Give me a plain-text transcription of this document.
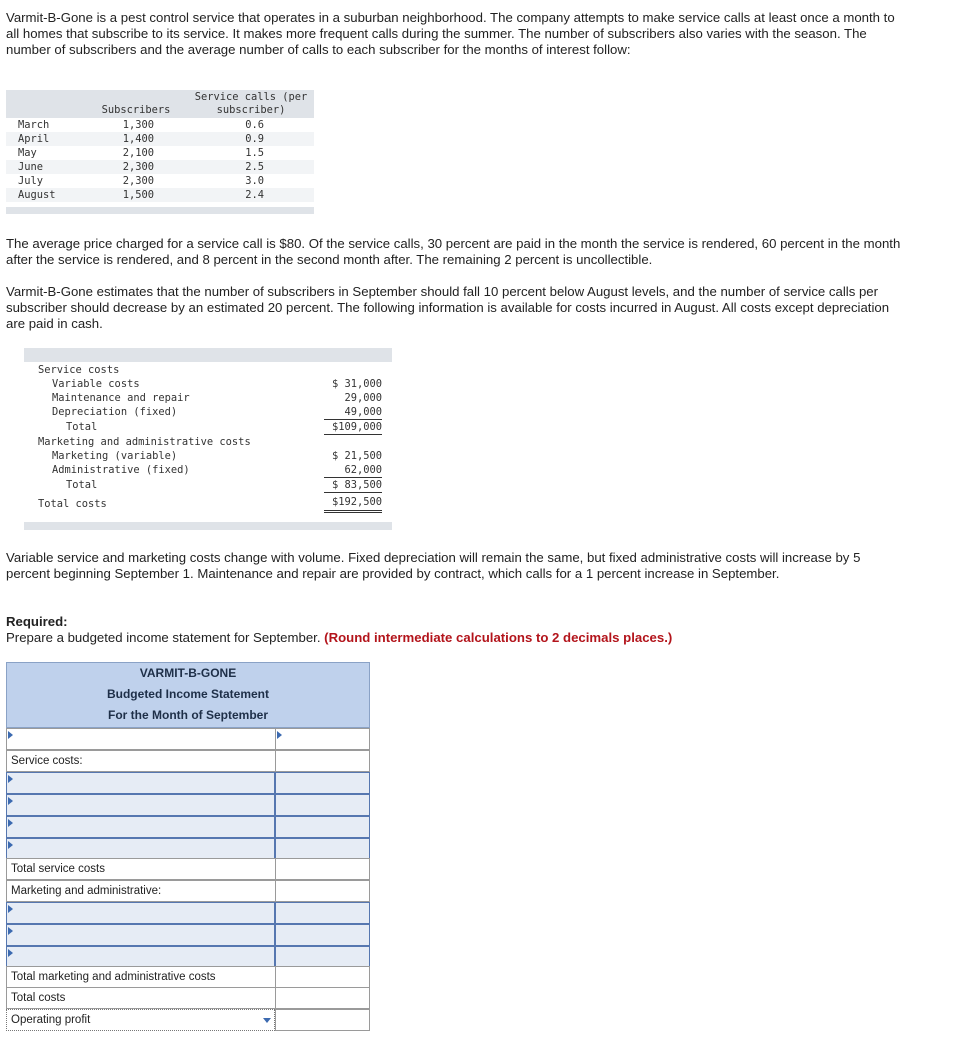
Varmit-B-Gone is a pest control service that operates in a suburban neighborhood. The company attempts to make service calls at least once a month to all homes that subscribe to its service. It makes more frequent calls during the summer. The number of subscribers also varies with the season. The number of subscribers and the average number of calls to each subscriber for the months of interest follow:
Subscribers
Service calls (per
subscriber)
March	1,300	0.6
April	1,400	0.9
May	2,100	1.5
June	2,300	2.5
July	2,300	3.0
August	1,500	2.4
The average price charged for a service call is $80. Of the service calls, 30 percent are paid in the month the service is rendered, 60 percent in the month after the service is rendered, and 8 percent in the second month after. The remaining 2 percent is uncollectible.
Varmit-B-Gone estimates that the number of subscribers in September should fall 10 percent below August levels, and the number of service calls per subscriber should decrease by an estimated 20 percent. The following information is available for costs incurred in August. All costs except depreciation are paid in cash.
Service costs
Variable costs	$ 31,000
Maintenance and repair	29,000
Depreciation (fixed)	49,000
Total	$109,000
Marketing and administrative costs
Marketing (variable)	$ 21,500
Administrative (fixed)	62,000
Total	$ 83,500
Total costs	$192,500
Variable service and marketing costs change with volume. Fixed depreciation will remain the same, but fixed administrative costs will increase by 5 percent beginning September 1. Maintenance and repair are provided by contract, which calls for a 1 percent increase in September.
Required:
Prepare a budgeted income statement for September. (Round intermediate calculations to 2 decimals places.)
VARMIT-B-GONE
Budgeted Income Statement
For the Month of September
Service costs:
Total service costs
Marketing and administrative:
Total marketing and administrative costs
Total costs
Operating profit
